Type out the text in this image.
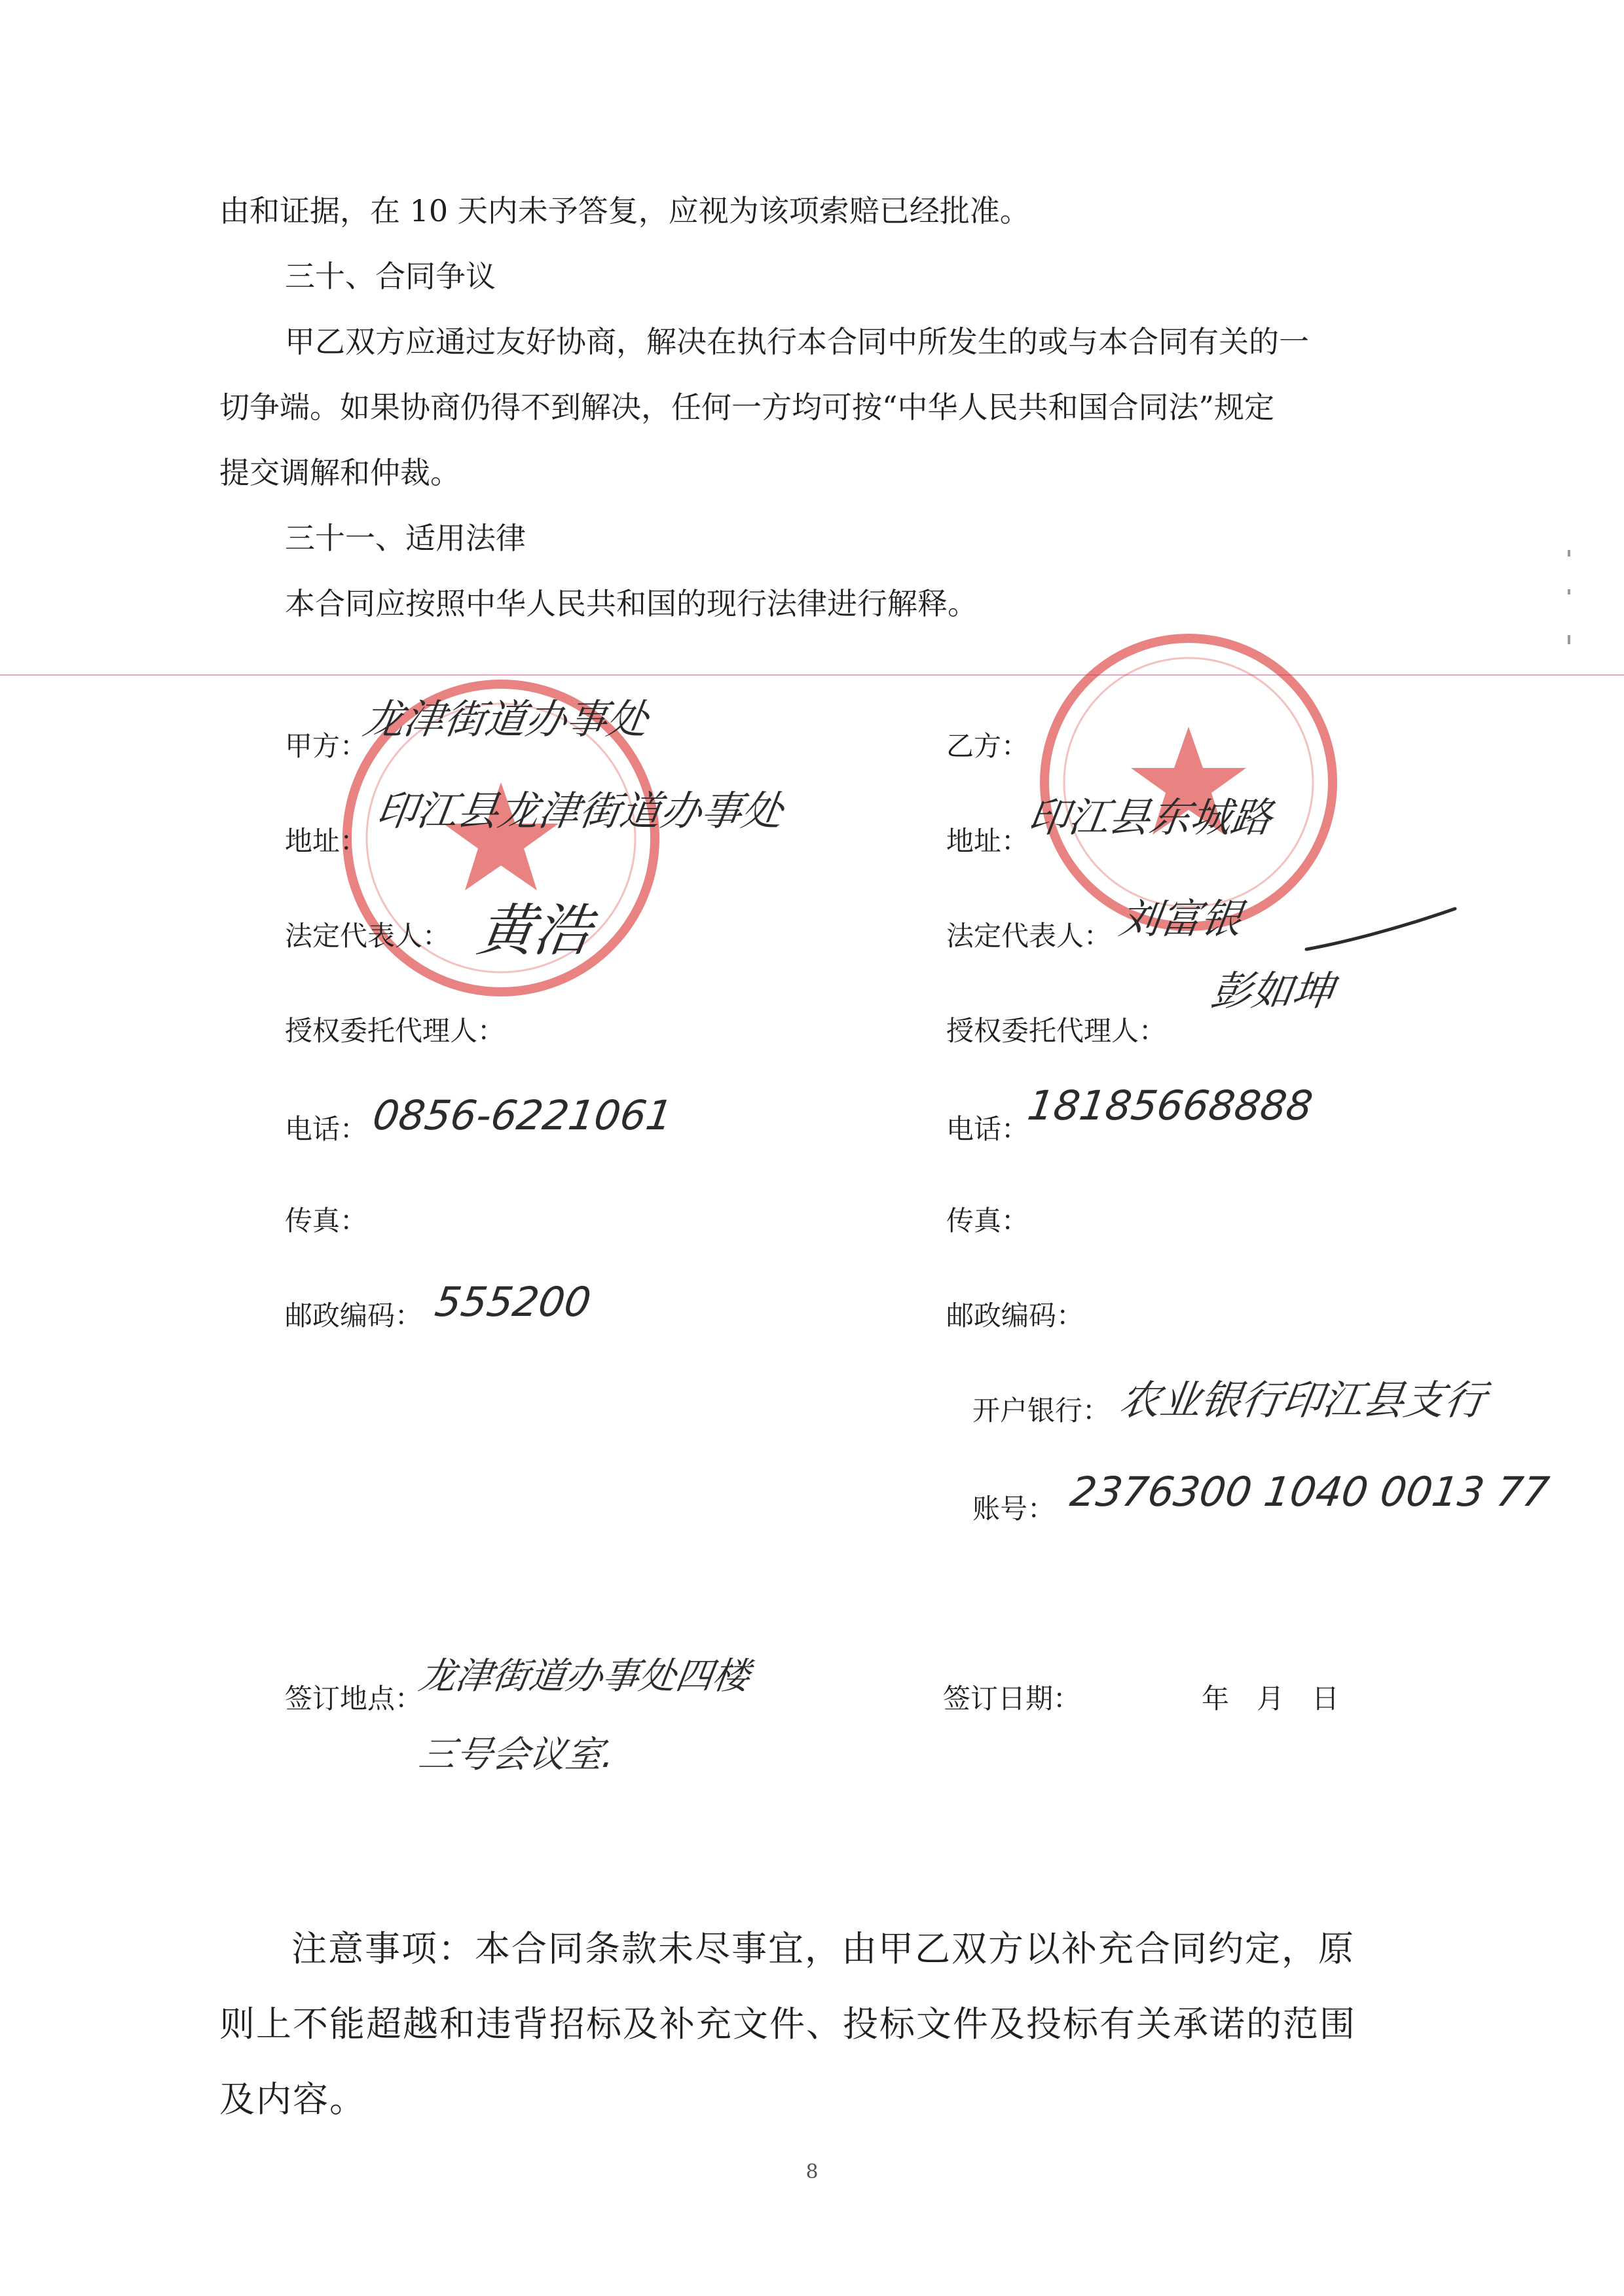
由和证据，在 10 天内未予答复，应视为该项索赔已经批准。
三十、合同争议
甲乙双方应通过友好协商，解决在执行本合同中所发生的或与本合同有关的一
切争端。如果协商仍得不到解决，任何一方均可按“中华人民共和国合同法”规定
提交调解和仲裁。
三十一、适用法律
本合同应按照中华人民共和国的现行法律进行解释。
甲方：
龙津街道办事处
地址：
印江县龙津街道办事处
法定代表人： 黄浩
授权委托代理人：
电话： 0856-6221061
传真：
邮政编码： 555200
乙方：
地址：
印江县东城路
法定代表人： 刘富银
彭如坤
授权委托代理人：
电话：
18185668888
传真：
邮政编码：
开户银行： 农业银行印江县支行
账号： 2376300 1040 0013 77
签订地点：
龙津街道办事处四楼
三号会议室.
签订日期：	年　月　日
注意事项：本合同条款未尽事宜，由甲乙双方以补充合同约定，原
则上不能超越和违背招标及补充文件、投标文件及投标有关承诺的范围
及内容。
8
